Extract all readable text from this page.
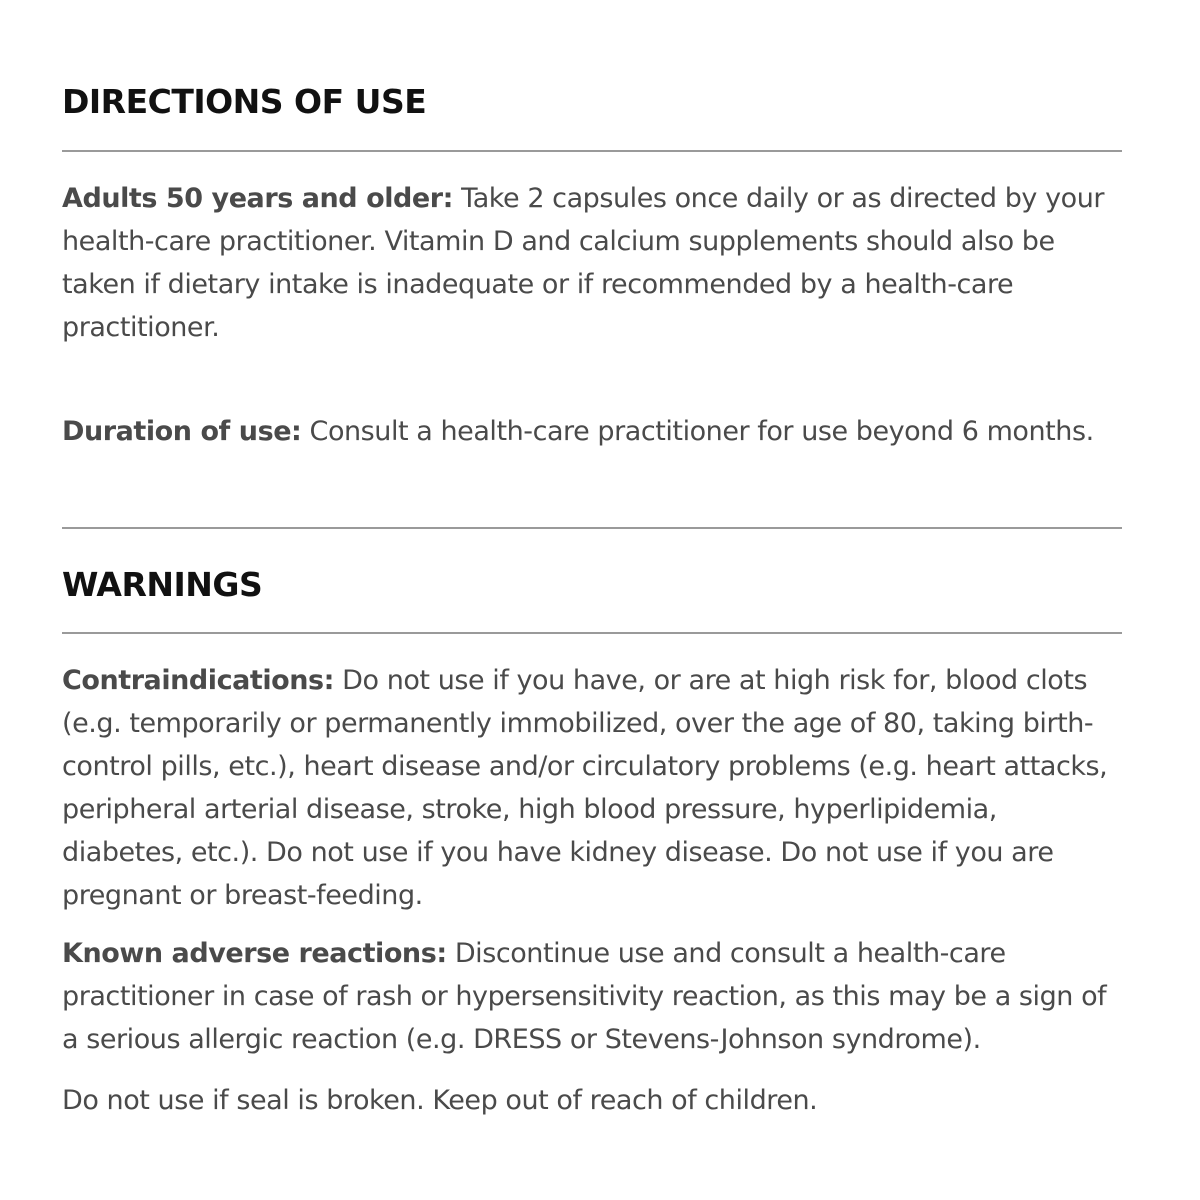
DIRECTIONS OF USE

Adults 50 years and older: Take 2 capsules once daily or as directed by your health-care practitioner. Vitamin D and calcium supplements should also be taken if dietary intake is inadequate or if recommended by a health-care practitioner.

Duration of use: Consult a health-care practitioner for use beyond 6 months.

WARNINGS

Contraindications: Do not use if you have, or are at high risk for, blood clots (e.g. temporarily or permanently immobilized, over the age of 80, taking birth-control pills, etc.), heart disease and/or circulatory problems (e.g. heart attacks, peripheral arterial disease, stroke, high blood pressure, hyperlipidemia, diabetes, etc.). Do not use if you have kidney disease. Do not use if you are pregnant or breast-feeding.

Known adverse reactions: Discontinue use and consult a health-care practitioner in case of rash or hypersensitivity reaction, as this may be a sign of a serious allergic reaction (e.g. DRESS or Stevens-Johnson syndrome).

Do not use if seal is broken. Keep out of reach of children.
